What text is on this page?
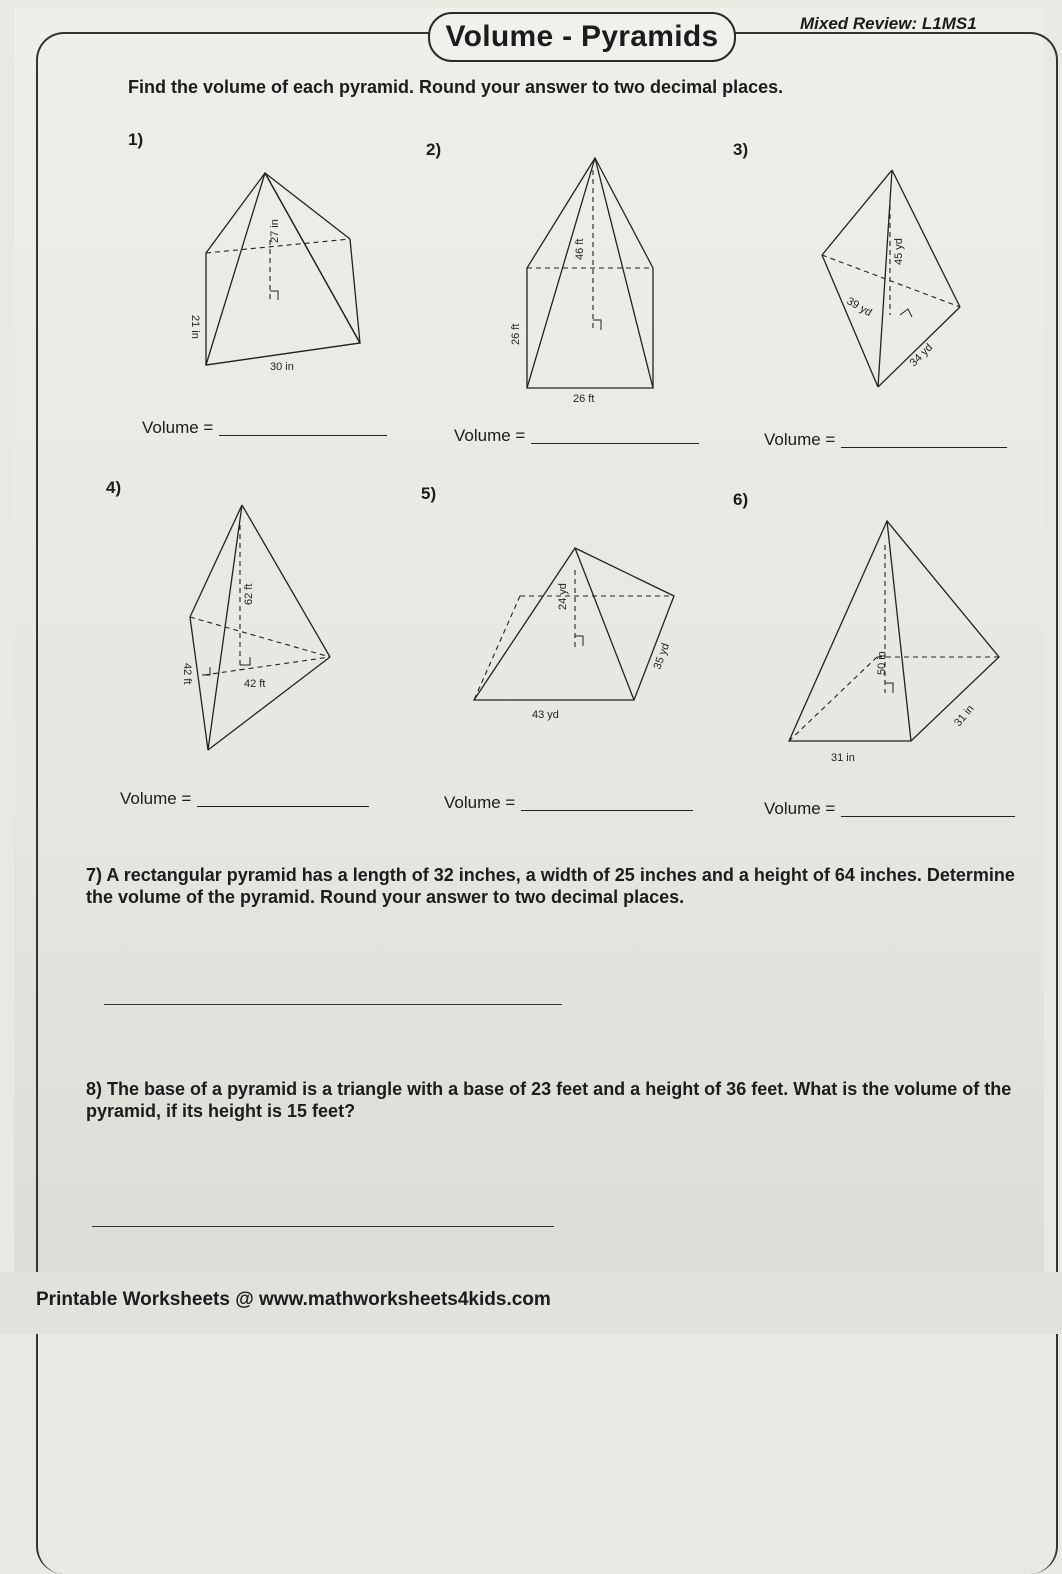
Volume - Pyramids	Mixed Review: L1MS1
Find the volume of each pyramid. Round your answer to two decimal places.
1)
2)	3)
4)	5)	6)
27 in
21 in
30 in
46 ft
26 ft
26 ft
45 yd
39 yd
34 yd
62 ft
42 ft	42 ft
24 yd
35 yd
43 yd
50 in
31 in
31 in
Volume =	Volume =	Volume =
Volume =	Volume =	Volume =
7) A rectangular pyramid has a length of 32 inches, a width of 25 inches and a height of 64 inches. Determine the volume of the pyramid. Round your answer to two decimal places.
8) The base of a pyramid is a triangle with a base of 23 feet and a height of 36 feet. What is the volume of the pyramid, if its height is 15 feet?
Printable Worksheets @ www.mathworksheets4kids.com
